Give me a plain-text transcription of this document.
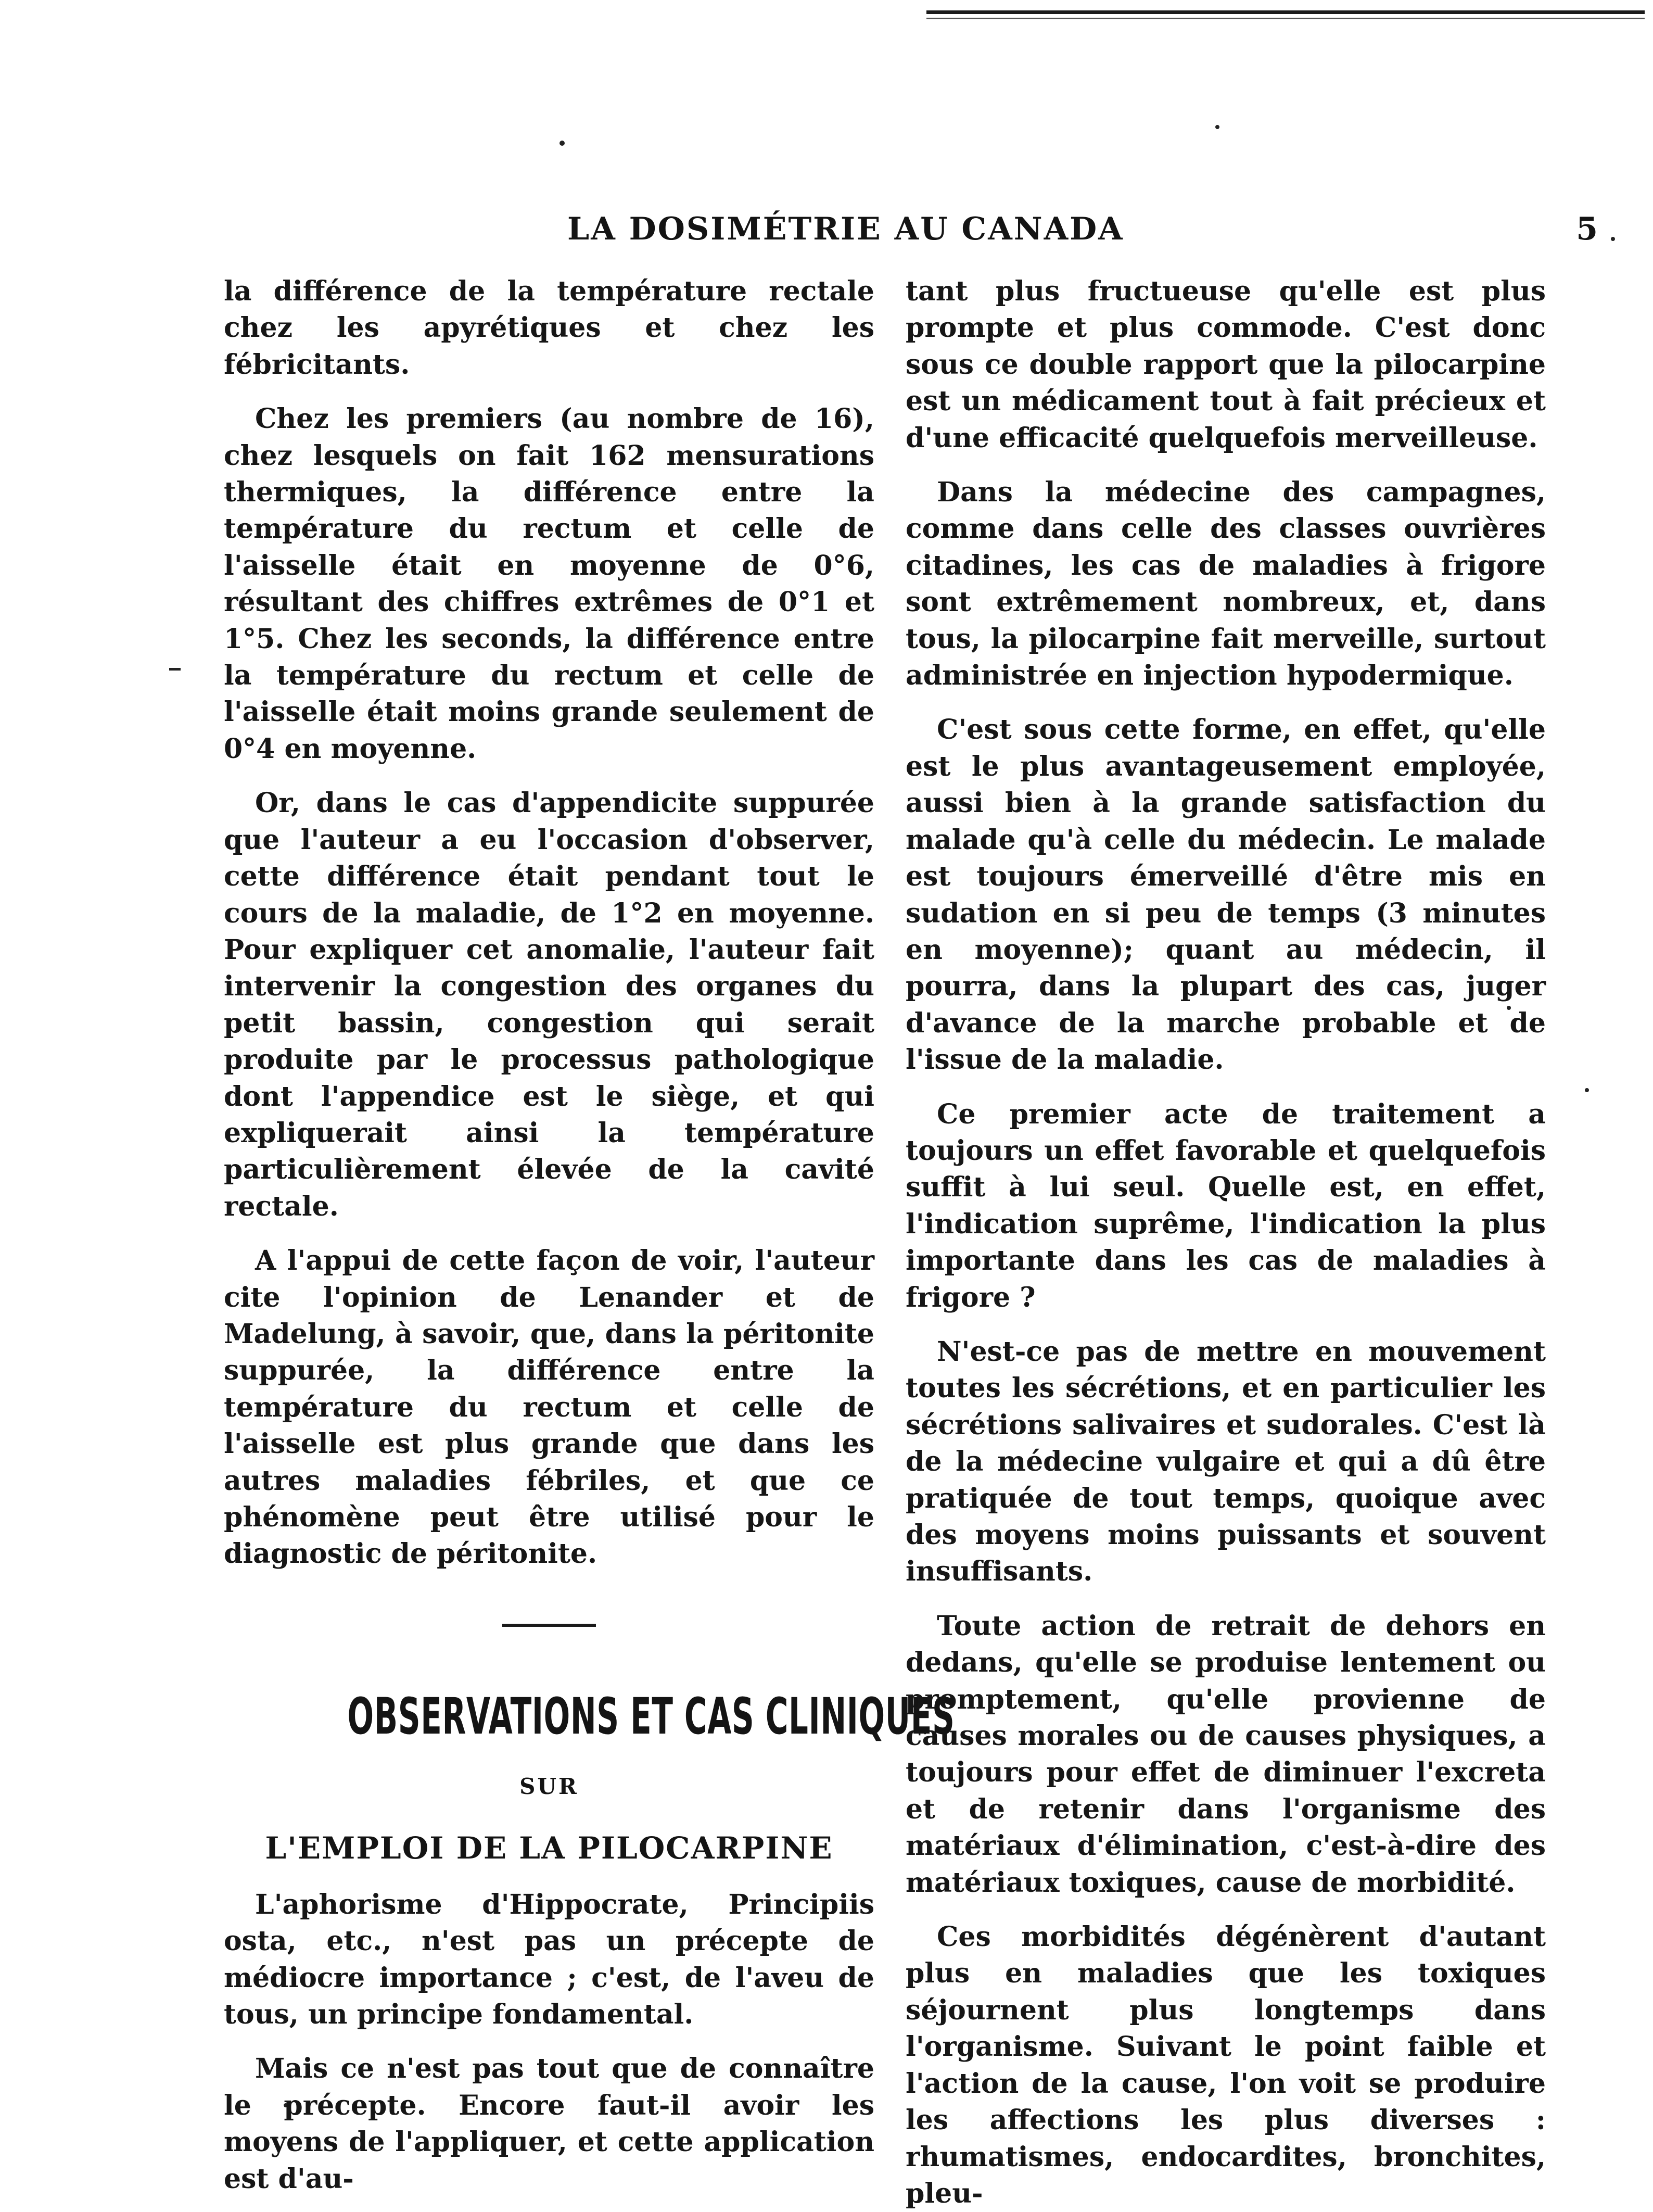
LA DOSIMÉTRIE AU CANADA	5

la différence de la température rectale chez les apyrétiques et chez les fébricitants.

Chez les premiers (au nombre de 16), chez lesquels on fait 162 mensurations thermiques, la différence entre la température du rectum et celle de l'aisselle était en moyenne de 0°6, résultant des chiffres extrêmes de 0°1 et 1°5. Chez les seconds, la différence entre la température du rectum et celle de l'aisselle était moins grande seulement de 0°4 en moyenne.

Or, dans le cas d'appendicite suppurée que l'auteur a eu l'occasion d'observer, cette différence était pendant tout le cours de la maladie, de 1°2 en moyenne. Pour expliquer cet anomalie, l'auteur fait intervenir la congestion des organes du petit bassin, congestion qui serait produite par le processus pathologique dont l'appendice est le siège, et qui expliquerait ainsi la température particulièrement élevée de la cavité rectale.

A l'appui de cette façon de voir, l'auteur cite l'opinion de Lenander et de Madelung, à savoir, que, dans la péritonite suppurée, la différence entre la température du rectum et celle de l'aisselle est plus grande que dans les autres maladies fébriles, et que ce phénomène peut être utilisé pour le diagnostic de péritonite.

OBSERVATIONS ET CAS CLINIQUES
SUR
L'EMPLOI DE LA PILOCARPINE

L'aphorisme d'Hippocrate, Principiis osta, etc., n'est pas un précepte de médiocre importance ; c'est, de l'aveu de tous, un principe fondamental.

Mais ce n'est pas tout que de connaître le précepte. Encore faut-il avoir les moyens de l'appliquer, et cette application est d'au-

tant plus fructueuse qu'elle est plus prompte et plus commode. C'est donc sous ce double rapport que la pilocarpine est un médicament tout à fait précieux et d'une efficacité quelquefois merveilleuse.

Dans la médecine des campagnes, comme dans celle des classes ouvrières citadines, les cas de maladies à frigore sont extrêmement nombreux, et, dans tous, la pilocarpine fait merveille, surtout administrée en injection hypodermique.

C'est sous cette forme, en effet, qu'elle est le plus avantageusement employée, aussi bien à la grande satisfaction du malade qu'à celle du médecin. Le malade est toujours émerveillé d'être mis en sudation en si peu de temps (3 minutes en moyenne); quant au médecin, il pourra, dans la plupart des cas, juger d'avance de la marche probable et de l'issue de la maladie.

Ce premier acte de traitement a toujours un effet favorable et quelquefois suffit à lui seul. Quelle est, en effet, l'indication suprême, l'indication la plus importante dans les cas de maladies à frigore ?

N'est-ce pas de mettre en mouvement toutes les sécrétions, et en particulier les sécrétions salivaires et sudorales. C'est là de la médecine vulgaire et qui a dû être pratiquée de tout temps, quoique avec des moyens moins puissants et souvent insuffisants.

Toute action de retrait de dehors en dedans, qu'elle se produise lentement ou promptement, qu'elle provienne de causes morales ou de causes physiques, a toujours pour effet de diminuer l'excreta et de retenir dans l'organisme des matériaux d'élimination, c'est-à-dire des matériaux toxiques, cause de morbidité.

Ces morbidités dégénèrent d'autant plus en maladies que les toxiques séjournent plus longtemps dans l'organisme. Suivant le point faible et l'action de la cause, l'on voit se produire les affections les plus diverses : rhumatismes, endocardites, bronchites, pleu-
